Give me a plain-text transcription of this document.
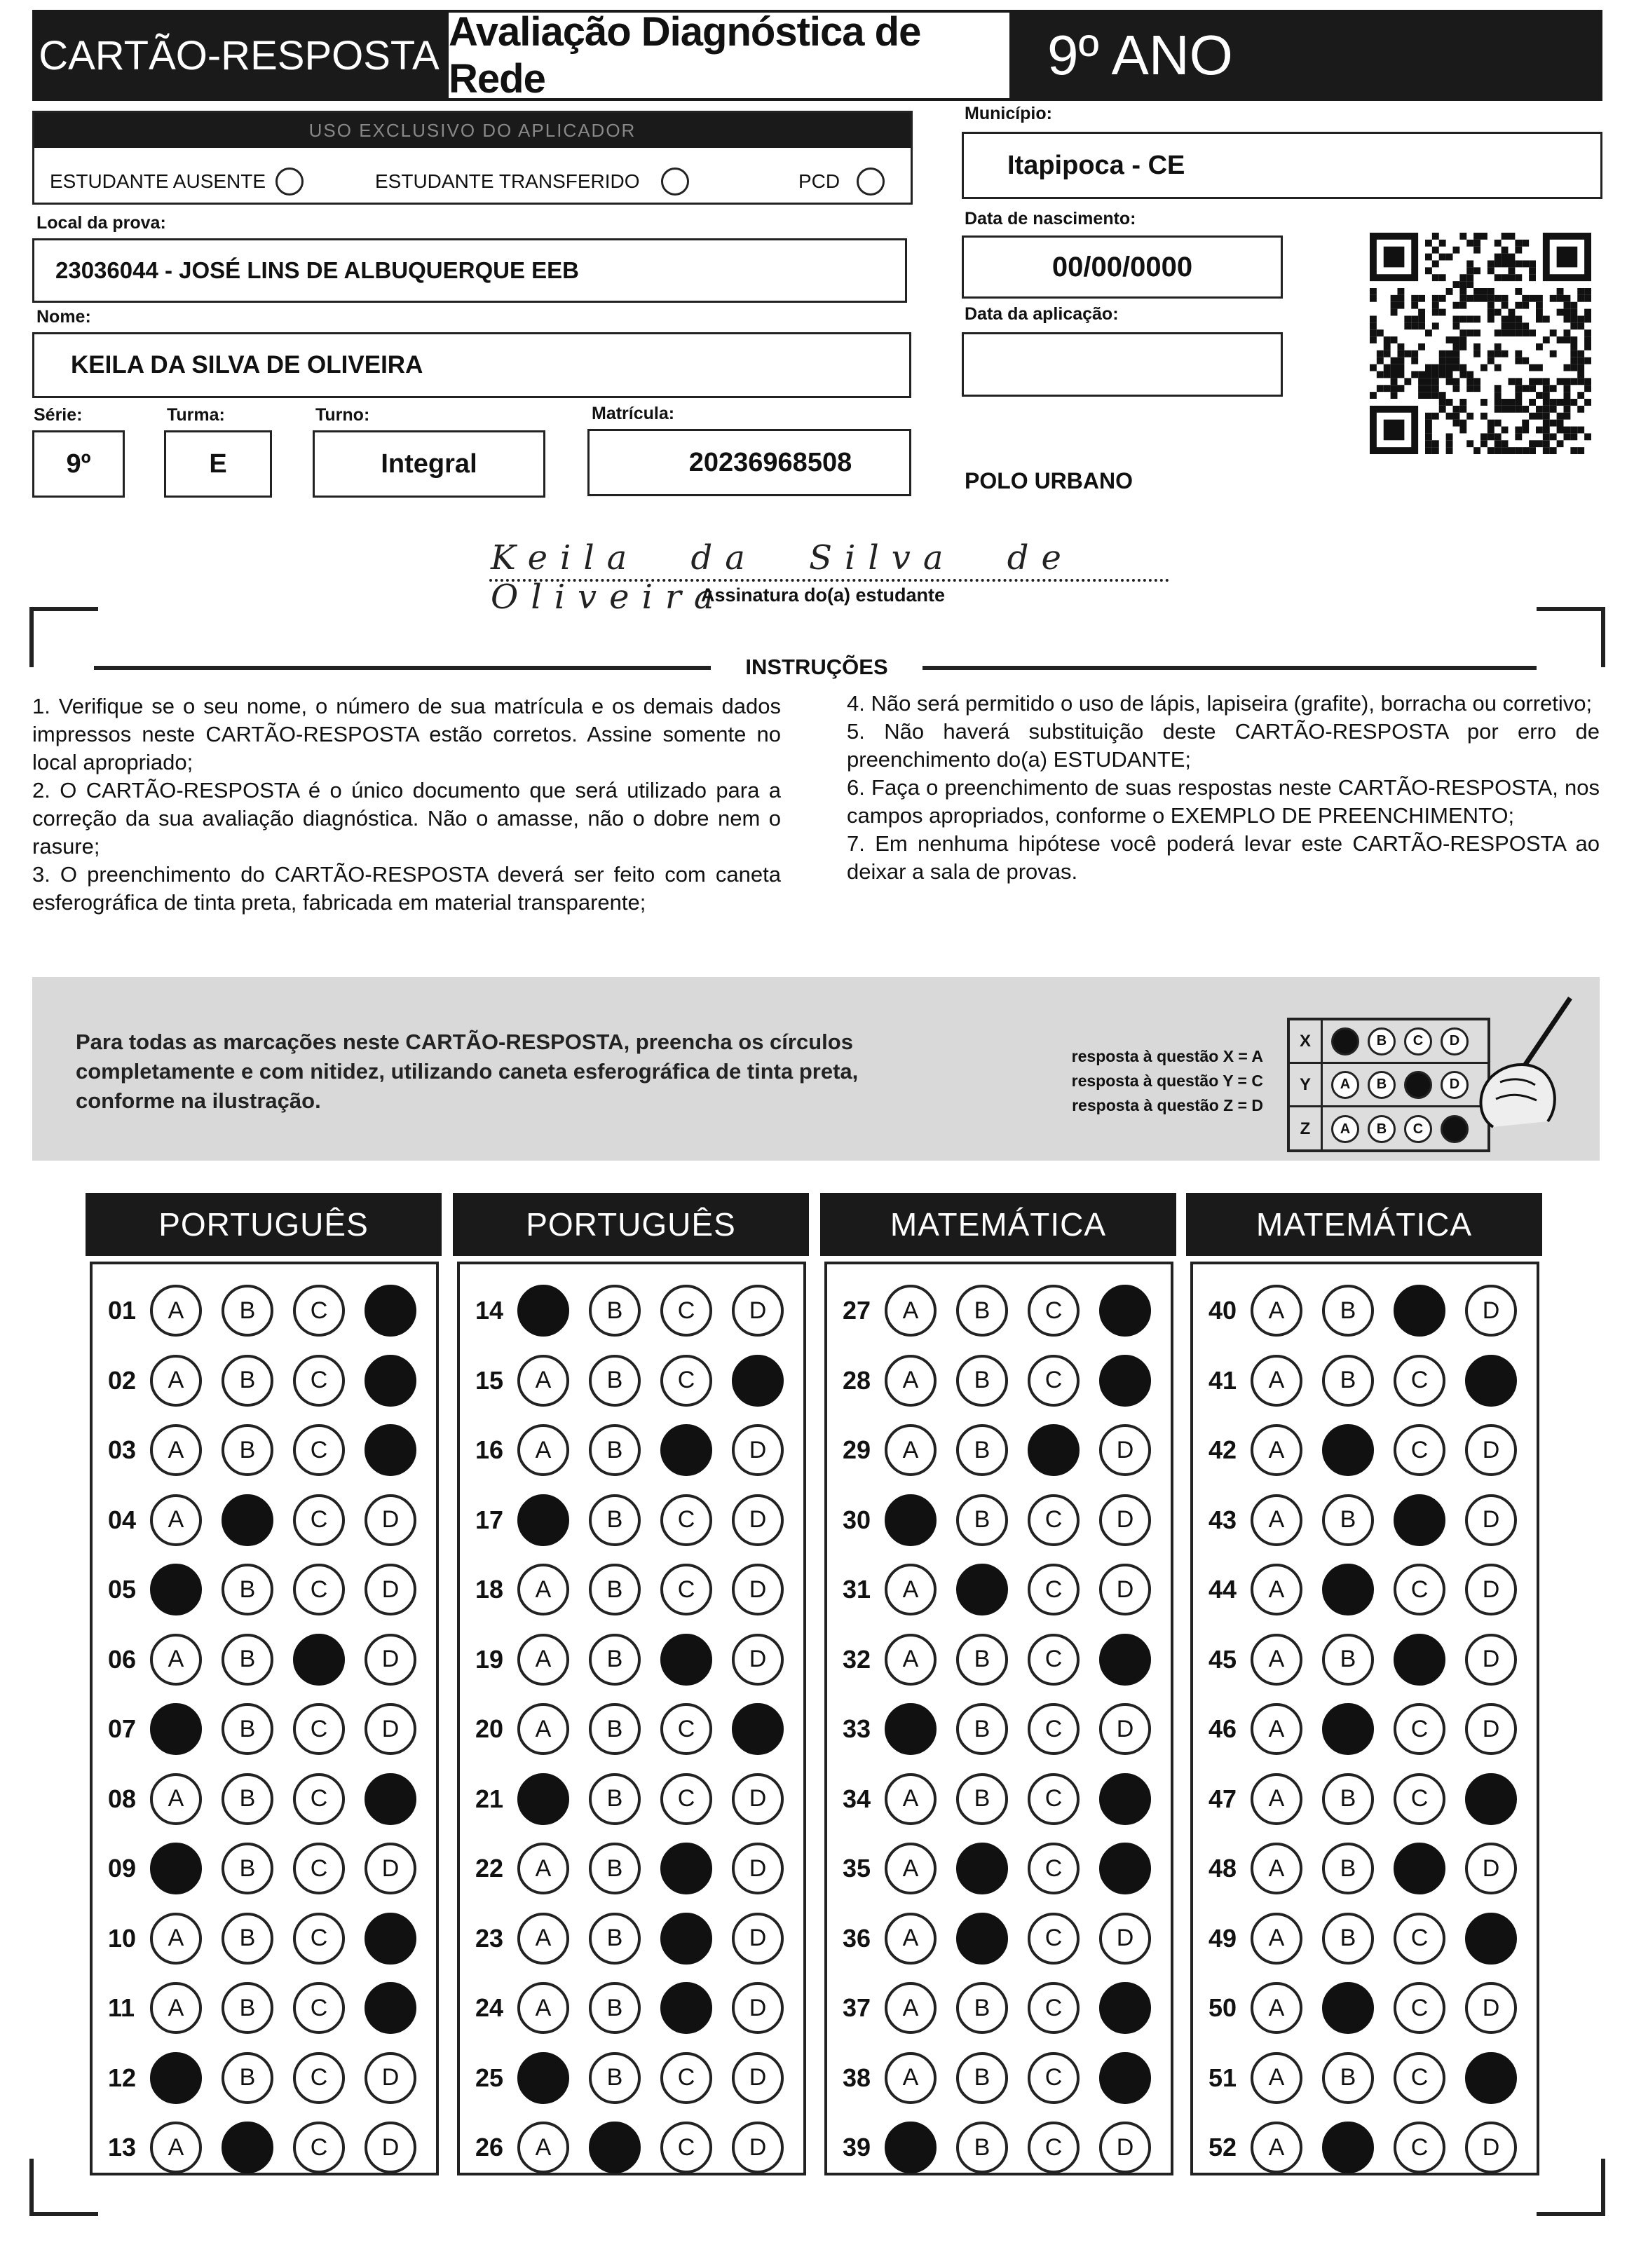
CARTÃO-RESPOSTA
Avaliação Diagnóstica de Rede	9º ANO
USO EXCLUSIVO DO APLICADOR
ESTUDANTE AUSENTE	ESTUDANTE TRANSFERIDO	PCD
Município:
Itapipoca - CE
Local da prova:
23036044 - JOSÉ LINS DE ALBUQUERQUE EEB
Data de nascimento:
00/00/0000
Nome:
KEILA DA SILVA DE OLIVEIRA
Data da aplicação:
Série:
9º
Turma:
E
Turno:
Integral
Matrícula:
20236968508
POLO URBANO
Keila da Silva de Oliveira
Assinatura do(a) estudante
INSTRUÇÕES

1. Verifique se o seu nome, o número de sua matrícula e os demais dados impressos neste CARTÃO-RESPOSTA estão corretos. Assine somente no local apropriado;

2. O CARTÃO-RESPOSTA é o único documento que será utilizado para a correção da sua avaliação diagnóstica. Não o amasse, não o dobre nem o rasure;

3. O preenchimento do CARTÃO-RESPOSTA deverá ser feito com caneta esferográfica de tinta preta, fabricada em material transparente;

4. Não será permitido o uso de lápis, lapiseira (grafite), borracha ou corretivo;

5. Não haverá substituição deste CARTÃO-RESPOSTA por erro de preenchimento do(a) ESTUDANTE;

6. Faça o preenchimento de suas respostas neste CARTÃO-RESPOSTA, nos campos apropriados, conforme o EXEMPLO DE PREENCHIMENTO;

7. Em nenhuma hipótese você poderá levar este CARTÃO-RESPOSTA ao deixar a sala de provas.

Para todas as marcações neste CARTÃO-RESPOSTA, preencha os círculos completamente e com nitidez, utilizando caneta esferográfica de tinta preta, conforme na ilustração.
resposta à questão X = A
resposta à questão Y = C
resposta à questão Z = D
X	B	C	D
Y	A	B	D
Z	A	B	C
PORTUGUÊS
01	A	B	C
02	A	B	C
03	A	B	C
04	A	C	D
05	B	C	D
06	A	B	D
07	B	C	D
08	A	B	C
09	B	C	D
10	A	B	C
11	A	B	C
12	B	C	D
13	A	C	D
PORTUGUÊS
14	B	C	D
15	A	B	C
16	A	B	D
17	B	C	D
18	A	B	C	D
19	A	B	D
20	A	B	C
21	B	C	D
22	A	B	D
23	A	B	D
24	A	B	D
25	B	C	D
26	A	C	D
MATEMÁTICA
27	A	B	C
28	A	B	C
29	A	B	D
30	B	C	D
31	A	C	D
32	A	B	C
33	B	C	D
34	A	B	C
35	A	C
36	A	C	D
37	A	B	C
38	A	B	C
39	B	C	D
MATEMÁTICA
40	A	B	D
41	A	B	C
42	A	C	D
43	A	B	D
44	A	C	D
45	A	B	D
46	A	C	D
47	A	B	C
48	A	B	D
49	A	B	C
50	A	C	D
51	A	B	C
52	A	C	D
